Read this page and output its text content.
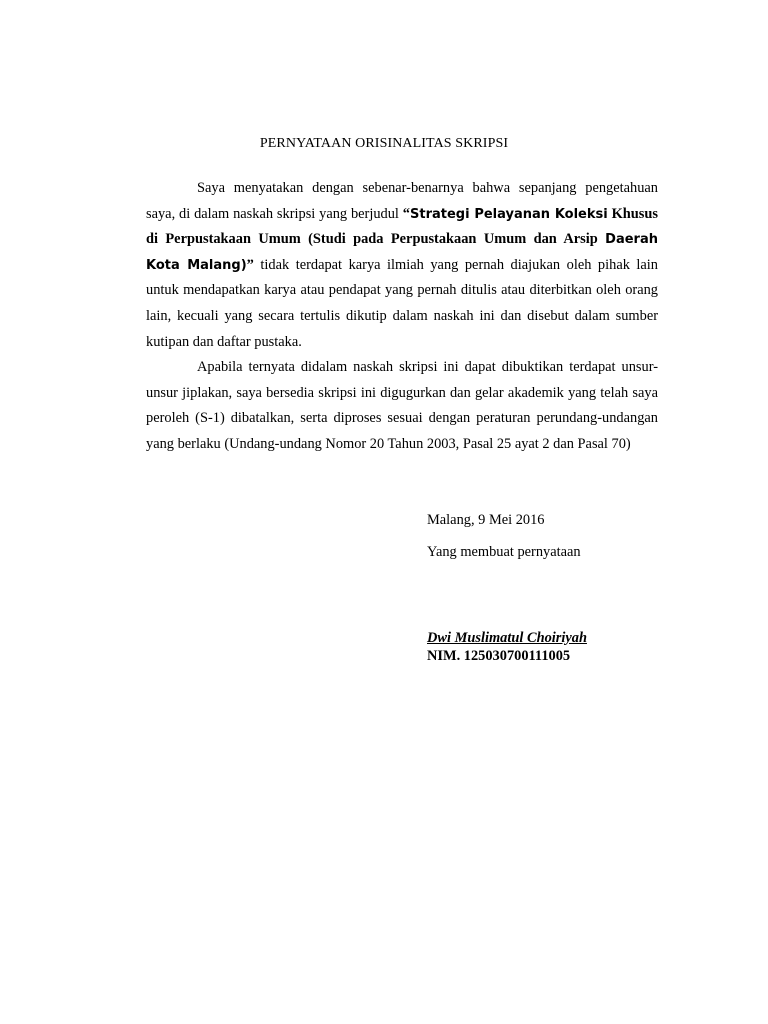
PERNYATAAN ORISINALITAS SKRIPSI

Saya menyatakan dengan sebenar-benarnya bahwa sepanjang pengetahuan saya, di dalam naskah skripsi yang berjudul “Strategi Pelayanan Koleksi Khusus di Perpustakaan Umum (Studi pada Perpustakaan Umum dan Arsip Daerah Kota Malang)” tidak terdapat karya ilmiah yang pernah diajukan oleh pihak lain untuk mendapatkan karya atau pendapat yang pernah ditulis atau diterbitkan oleh orang lain, kecuali yang secara tertulis dikutip dalam naskah ini dan disebut dalam sumber kutipan dan daftar pustaka.

Apabila ternyata didalam naskah skripsi ini dapat dibuktikan terdapat unsur-unsur jiplakan, saya bersedia skripsi ini digugurkan dan gelar akademik yang telah saya peroleh (S-1) dibatalkan, serta diproses sesuai dengan peraturan perundang-undangan yang berlaku (Undang-undang Nomor 20 Tahun 2003, Pasal 25 ayat 2 dan Pasal 70)

Malang, 9 Mei 2016
Yang membuat pernyataan
Dwi Muslimatul Choiriyah
NIM. 125030700111005
